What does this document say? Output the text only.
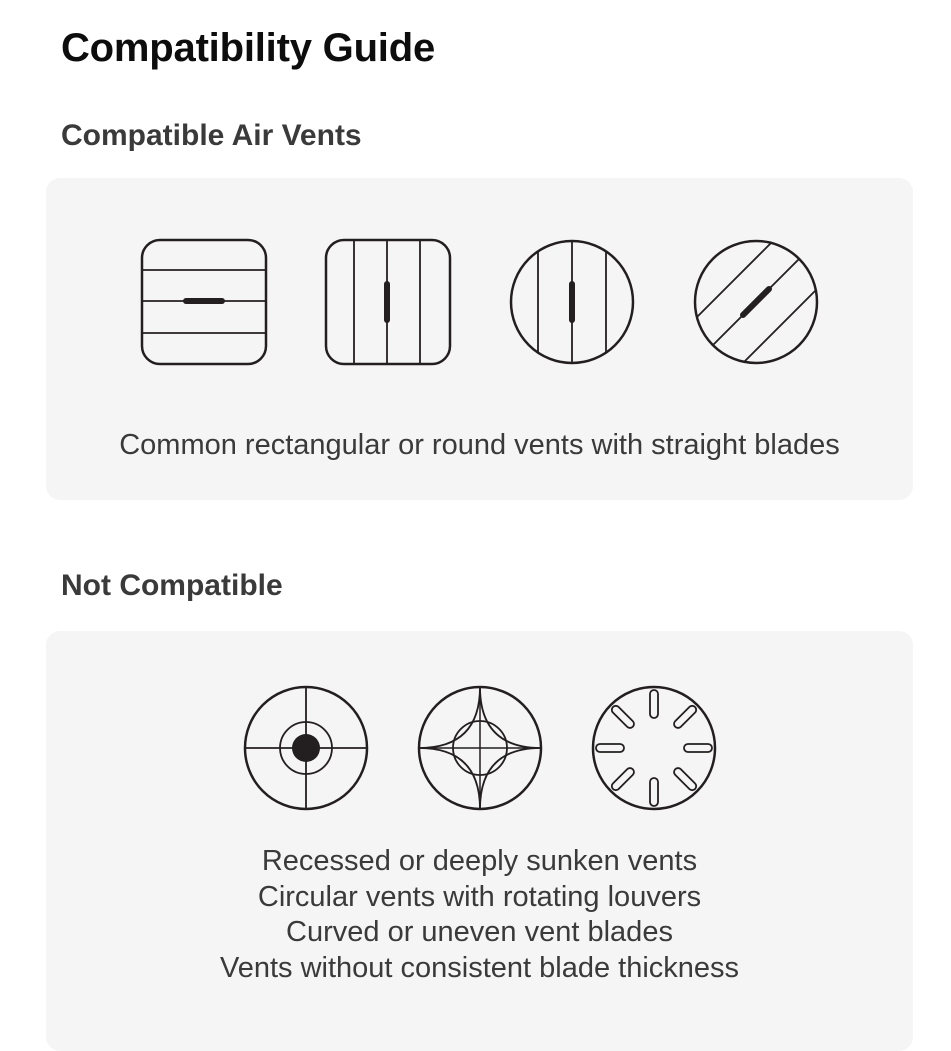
Compatibility Guide
Compatible Air Vents

Common rectangular or round vents with straight blades

Not Compatible
Recessed or deeply sunken vents
Circular vents with rotating louvers
Curved or uneven vent blades
Vents without consistent blade thickness
